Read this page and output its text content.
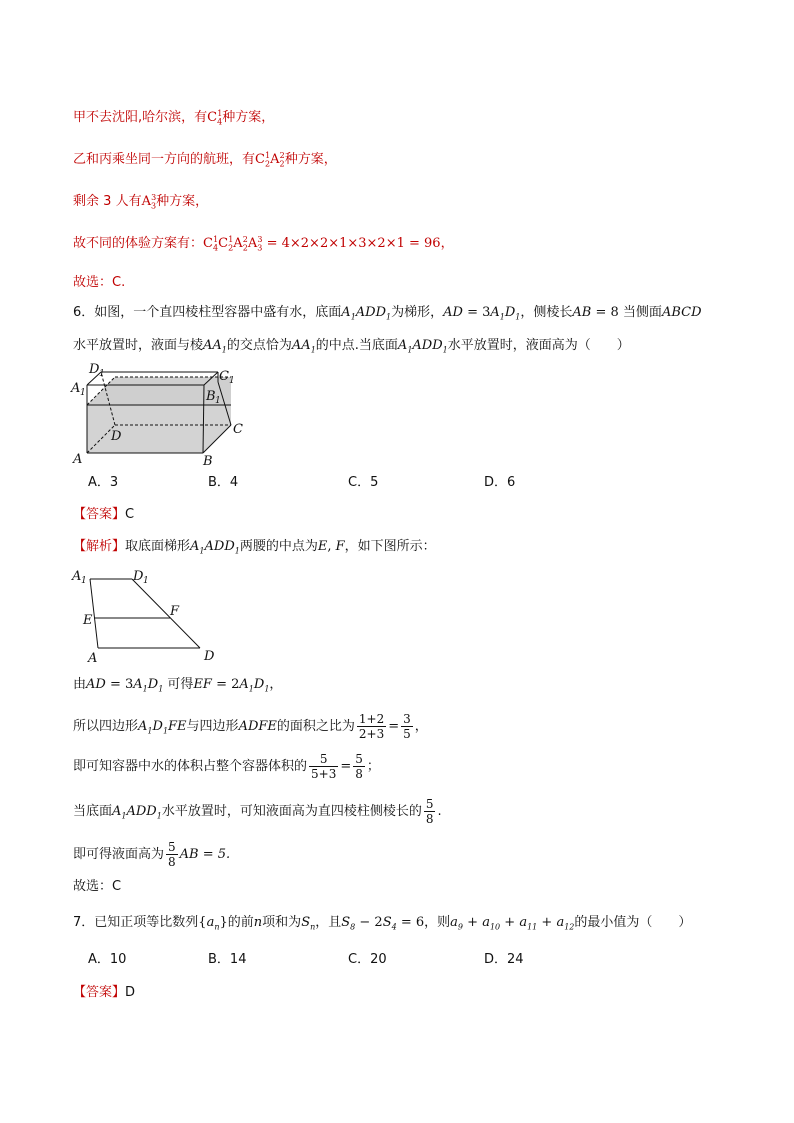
甲不去沈阳,哈尔滨，有$C_4^1$种方案，
乙和丙乘坐同一方向的航班，有$C_2^1A_2^2$种方案，
剩余 3 人有$A_3^3$种方案，
故不同的体验方案有：$C_4^1C_2^1A_2^2A_3^3 = 4\times 2\times 2\times 1\times 3\times 2\times 1 = 96$，
故选：C.
6．如图，一个直四棱柱型容器中盛有水，底面$A_1ADD_1$为梯形，AD = $3A_1D_1$，侧棱长AB = 8 当侧面ABCD
水平放置时，液面与棱$AA_1$的交点恰为$AA_1$的中点.当底面$A_1ADD_1$水平放置时，液面高为（　　）
D 1
A 1
C 1
B 1
D	C
A	B
A．3	B．4	C．5	D．6
【答案】C
【解析】取底面梯形$A_1ADD_1$两腰的中点为E, F，如下图所示：
A 1	D 1
E
F
A	D
由AD = $3A_1D_1$ 可得EF = $2A_1D_1$，
所以四边形$A_1D_1FE$与四边形ADFE的面积之比为 $\frac{1+2}{2+3} = \frac{3}{5}$ ，
即可知容器中水的体积占整个容器体积的 $\frac{5}{5+3} = \frac{5}{8}$ ；
当底面$A_1ADD_1$水平放置时，可知液面高为直四棱柱侧棱长的 $\frac{5}{8}$ .
即可得液面高为 $\frac{5}{8}$ AB = 5.
故选：C
7．已知正项等比数列$\{a_n\}$的前n项和为$S_n$，且$S_8 - 2S_4 = 6$，则$a_9 + a_{10} + a_{11} + a_{12}$的最小值为（　　）
A．10	B．14	C．20	D．24
【答案】D
